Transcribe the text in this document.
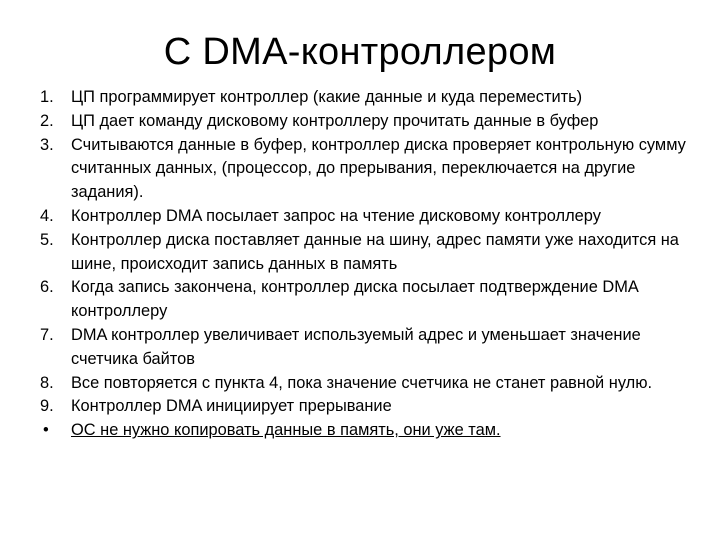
С DMA-контроллером
1.	ЦП программирует контроллер (какие данные и куда переместить)
2.	ЦП дает команду дисковому контроллеру прочитать данные в буфер
3.	Считываются данные в буфер, контроллер диска проверяет контрольную сумму считанных данных, (процессор, до прерывания, переключается на другие задания).
4.	Контроллер DMA посылает запрос на чтение дисковому контроллеру
5.	Контроллер диска поставляет данные на шину, адрес памяти уже находится на шине, происходит запись данных в память
6.	Когда запись закончена, контроллер диска посылает подтверждение DMA контроллеру
7.	DMA контроллер увеличивает используемый адрес и уменьшает значение счетчика байтов
8.	Все повторяется с пункта 4, пока значение счетчика не станет равной нулю.
9.	Контроллер DMA инициирует прерывание
•	ОС не нужно копировать данные в память, они уже там.
